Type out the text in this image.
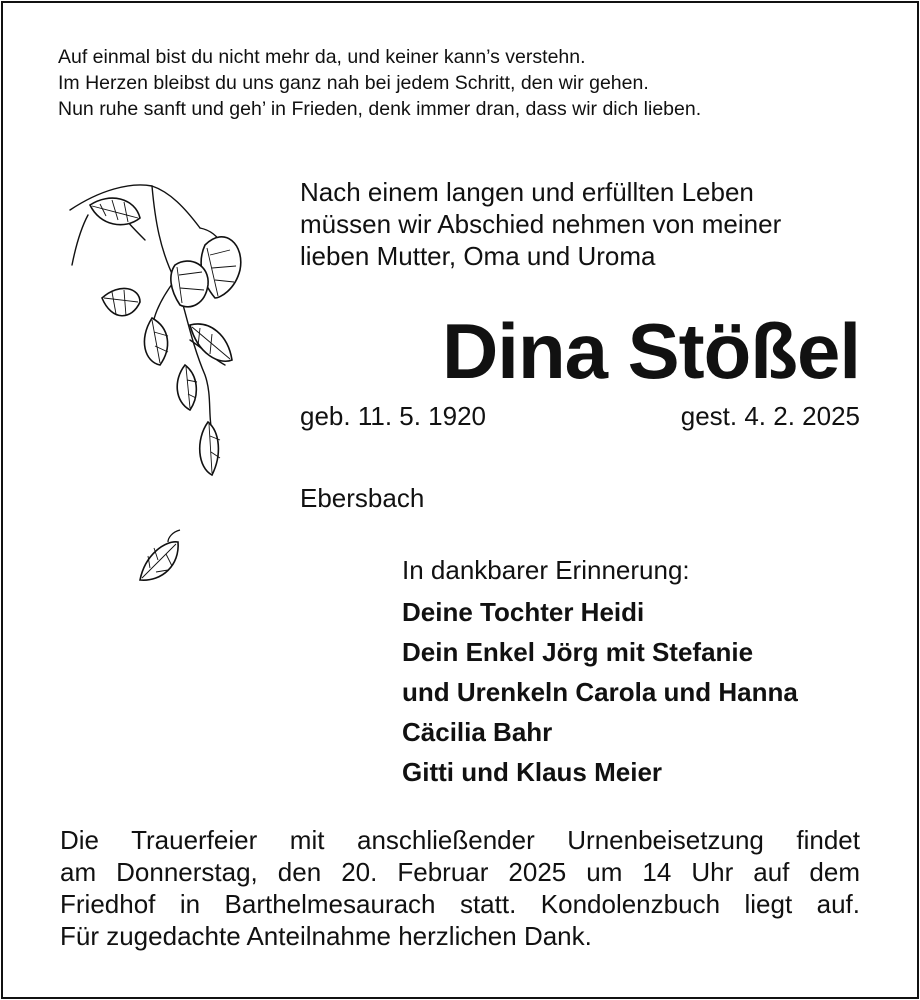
Auf einmal bist du nicht mehr da, und keiner kann’s verstehn.
Im Herzen bleibst du uns ganz nah bei jedem Schritt, den wir gehen.
Nun ruhe sanft und geh’ in Frieden, denk immer dran, dass wir dich lieben.
Nach einem langen und erfüllten Leben
müssen wir Abschied nehmen von meiner
lieben Mutter, Oma und Uroma
Dina Stößel
geb. 11. 5. 1920	gest. 4. 2. 2025
Ebersbach
In dankbarer Erinnerung:
Deine Tochter Heidi
Dein Enkel Jörg mit Stefanie
und Urenkeln Carola und Hanna
Cäcilia Bahr
Gitti und Klaus Meier
Die Trauerfeier mit anschließender Urnenbeisetzung findet
am Donnerstag, den 20. Februar 2025 um 14 Uhr auf dem
Friedhof in Barthelmesaurach statt. Kondolenzbuch liegt auf.
Für zugedachte Anteilnahme herzlichen Dank.
